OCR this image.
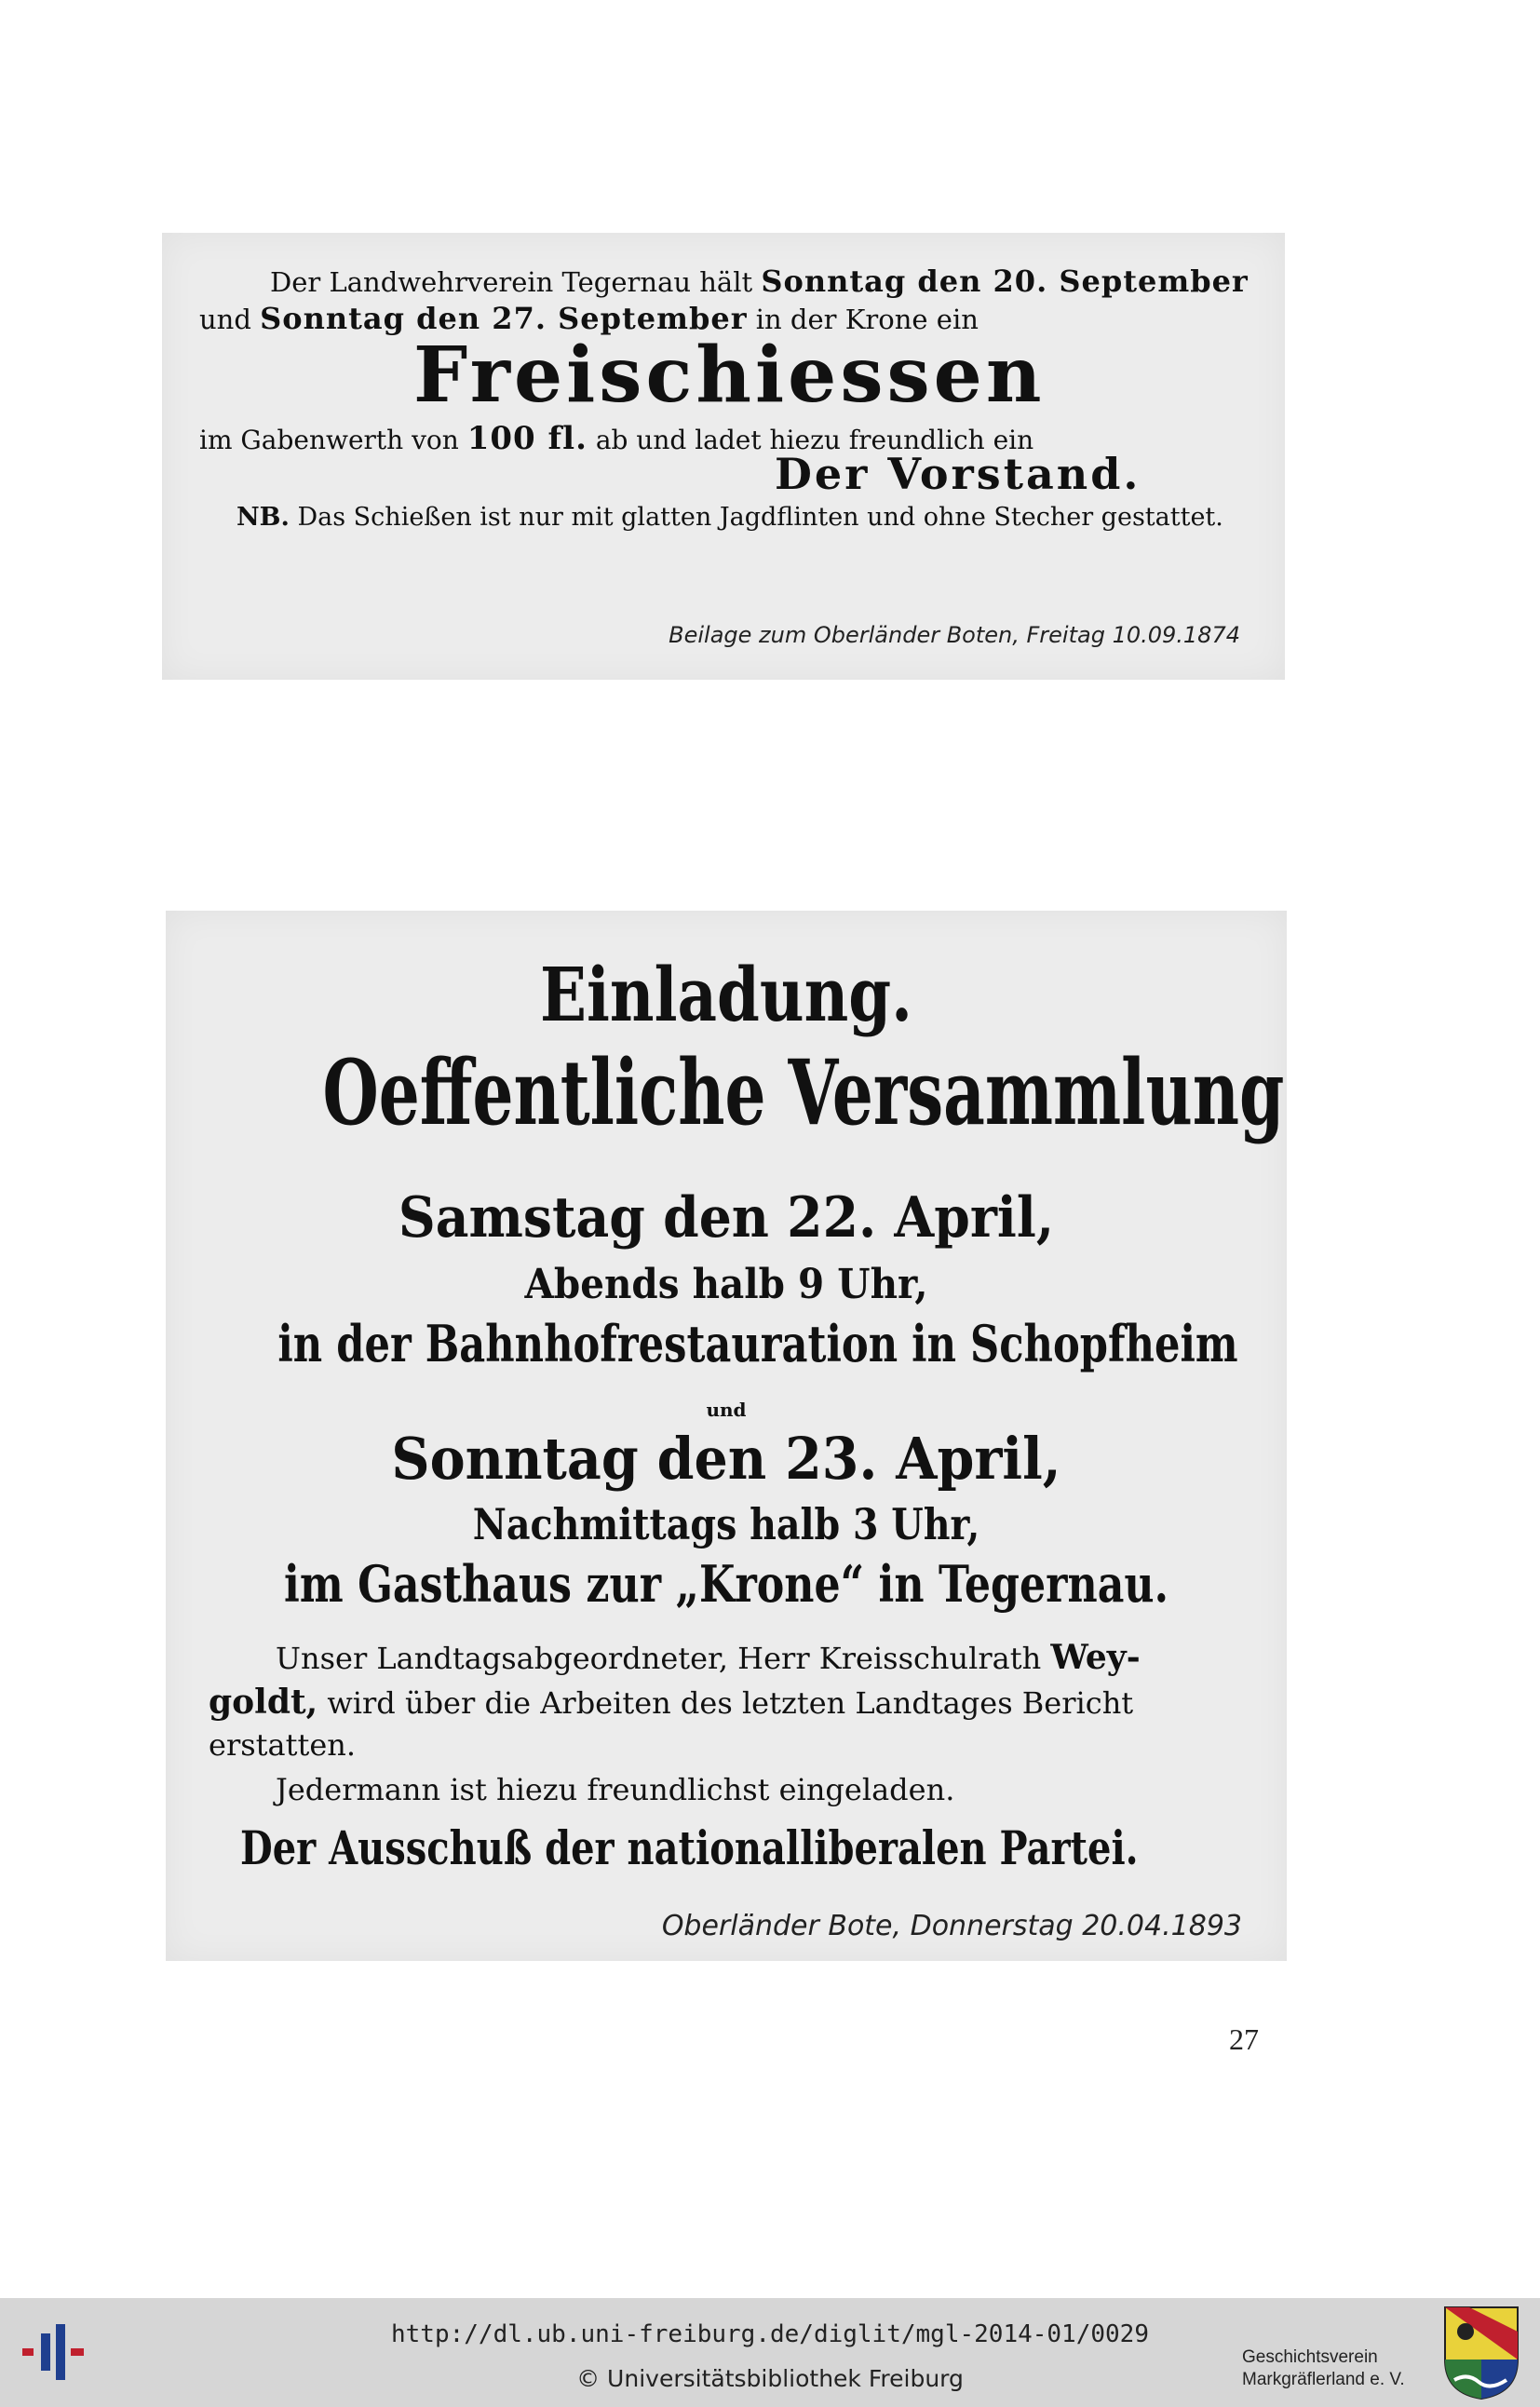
Der Landwehrverein Tegernau hält Sonntag den 20. September
und Sonntag den 27. September in der Krone ein
Freischiessen
im Gabenwerth von 100 fl. ab und ladet hiezu freundlich ein
Der Vorstand.
NB. Das Schießen ist nur mit glatten Jagdflinten und ohne Stecher gestattet.
Beilage zum Oberländer Boten, Freitag 10.09.1874
Einladung.
Oeffentliche Versammlung
Samstag den 22. April,
Abends halb 9 Uhr,
in der Bahnhofrestauration in Schopfheim
und
Sonntag den 23. April,
Nachmittags halb 3 Uhr,
im Gasthaus zur „Krone“ in Tegernau.
Unser Landtagsabgeordneter, Herr Kreisschulrath Wey-
goldt, wird über die Arbeiten des letzten Landtages Bericht
erstatten.
Jedermann ist hiezu freundlichst eingeladen.
Der Ausschuß der nationalliberalen Partei.
Oberländer Bote, Donnerstag 20.04.1893
27
http://dl.ub.uni-freiburg.de/diglit/mgl-2014-01/0029
© Universitätsbibliothek Freiburg
Geschichtsverein
Markgräflerland e. V.
